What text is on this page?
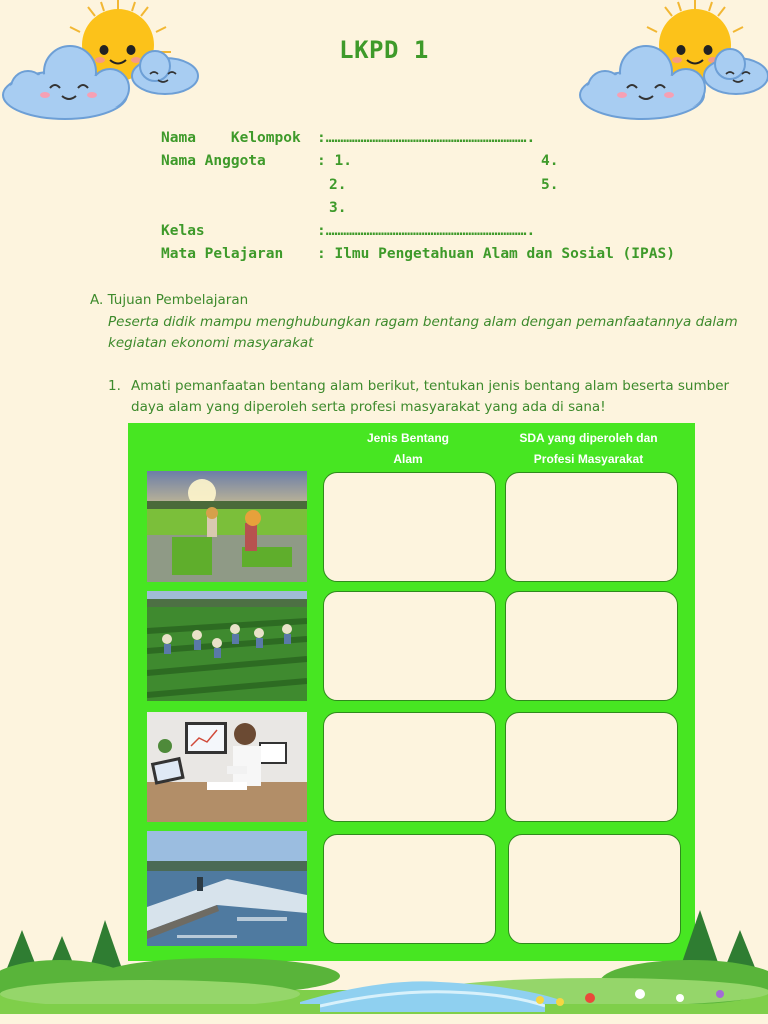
LKPD 1
Nama    Kelompok :…………………………………………………………….
Nama Anggota	: 1.	4.
2.	5.
3.
Kelas	:…………………………………………………………….
Mata Pelajaran : Ilmu Pengetahuan Alam dan Sosial (IPAS)
A. Tujuan Pembelajaran
Peserta didik mampu menghubungkan ragam bentang alam dengan pemanfaatannya dalam
kegiatan ekonomi masyarakat
1. Amati pemanfaatan bentang alam berikut, tentukan jenis bentang alam beserta sumber
daya alam yang diperoleh serta profesi masyarakat yang ada di sana!
Jenis Bentang
Alam
SDA yang diperoleh dan
Profesi Masyarakat
